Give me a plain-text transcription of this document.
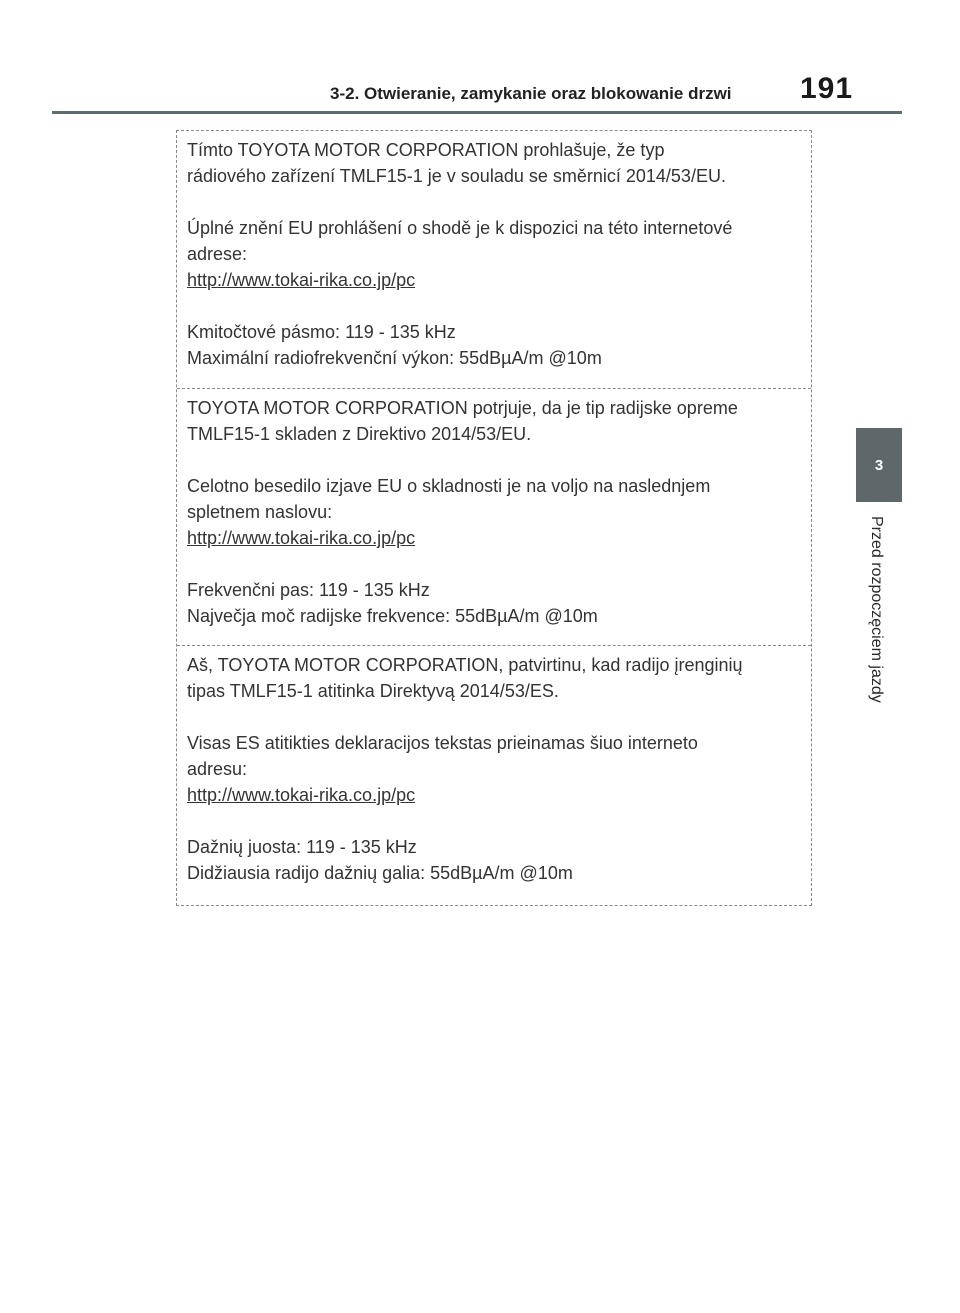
3-2. Otwieranie, zamykanie oraz blokowanie drzwi 191
3
Przed rozpoczęciem jazdy

Tímto TOYOTA MOTOR CORPORATION prohlašuje, že typ

rádiového zařízení TMLF15-1 je v souladu se směrnicí 2014/53/EU.

Úplné znění EU prohlášení o shodě je k dispozici na této internetové

adrese:

http://www.tokai-rika.co.jp/pc

Kmitočtové pásmo: 119 - 135 kHz

Maximální radiofrekvenční výkon: 55dBµA/m @10m

TOYOTA MOTOR CORPORATION potrjuje, da je tip radijske opreme

TMLF15-1 skladen z Direktivo 2014/53/EU.

Celotno besedilo izjave EU o skladnosti je na voljo na naslednjem

spletnem naslovu:

http://www.tokai-rika.co.jp/pc

Frekvenčni pas: 119 - 135 kHz

Največja moč radijske frekvence: 55dBµA/m @10m

Aš, TOYOTA MOTOR CORPORATION, patvirtinu, kad radijo įrenginių

tipas TMLF15-1 atitinka Direktyvą 2014/53/ES.

Visas ES atitikties deklaracijos tekstas prieinamas šiuo interneto

adresu:

http://www.tokai-rika.co.jp/pc

Dažnių juosta: 119 - 135 kHz

Didžiausia radijo dažnių galia: 55dBµA/m @10m
